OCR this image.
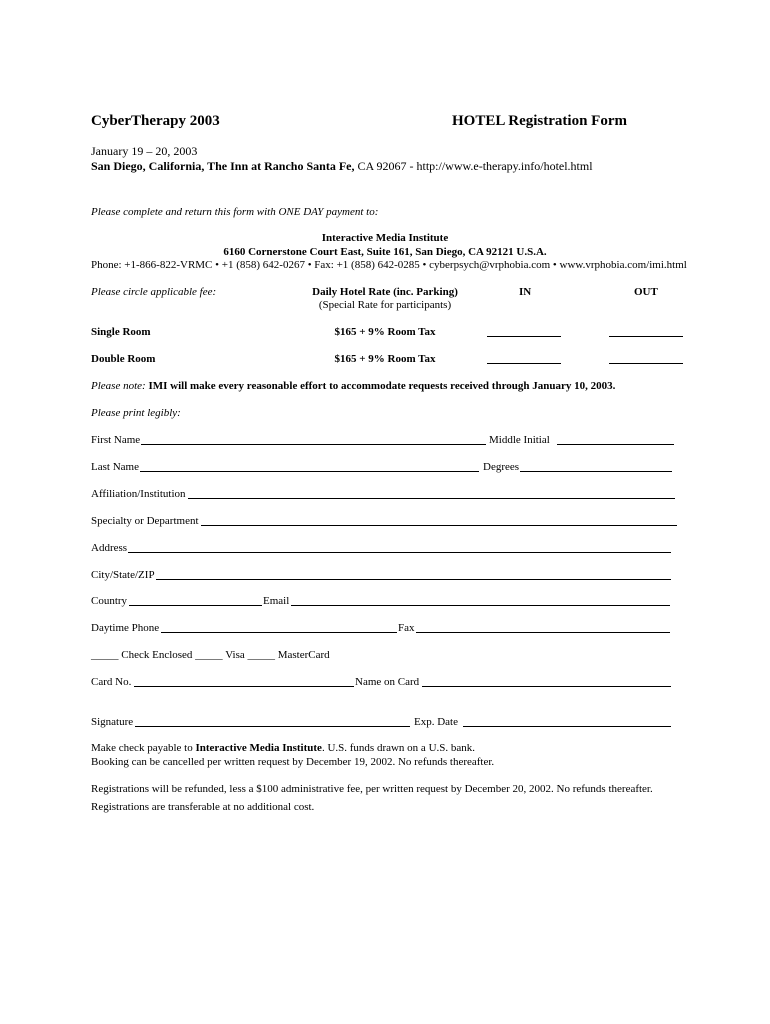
CyberTherapy 2003	HOTEL Registration Form
January 19 – 20, 2003
San Diego, California, The Inn at Rancho Santa Fe, CA 92067 - http://www.e-therapy.info/hotel.html
Please complete and return this form with ONE DAY payment to:
Interactive Media Institute
6160 Cornerstone Court East, Suite 161, San Diego, CA 92121 U.S.A.
Phone: +1-866-822-VRMC • +1 (858) 642-0267 • Fax: +1 (858) 642-0285 • cyberpsych@vrphobia.com • www.vrphobia.com/imi.html
Please circle applicable fee:	Daily Hotel Rate (inc. Parking)
(Special Rate for participants)
IN	OUT
Single Room	$165 + 9% Room Tax
Double Room	$165 + 9% Room Tax
Please note: IMI will make every reasonable effort to accommodate requests received through January 10, 2003.
Please print legibly:
First Name	Middle Initial
Last Name	Degrees
Affiliation/Institution
Specialty or Department
Address
City/State/ZIP
Country	Email
Daytime Phone	Fax
_____ Check Enclosed _____ Visa _____ MasterCard
Card No.	Name on Card
Signature	Exp. Date
Make check payable to Interactive Media Institute. U.S. funds drawn on a U.S. bank.
Booking can be cancelled per written request by December 19, 2002. No refunds thereafter.
Registrations will be refunded, less a $100 administrative fee, per written request by December 20, 2002. No refunds thereafter.
Registrations are transferable at no additional cost.
